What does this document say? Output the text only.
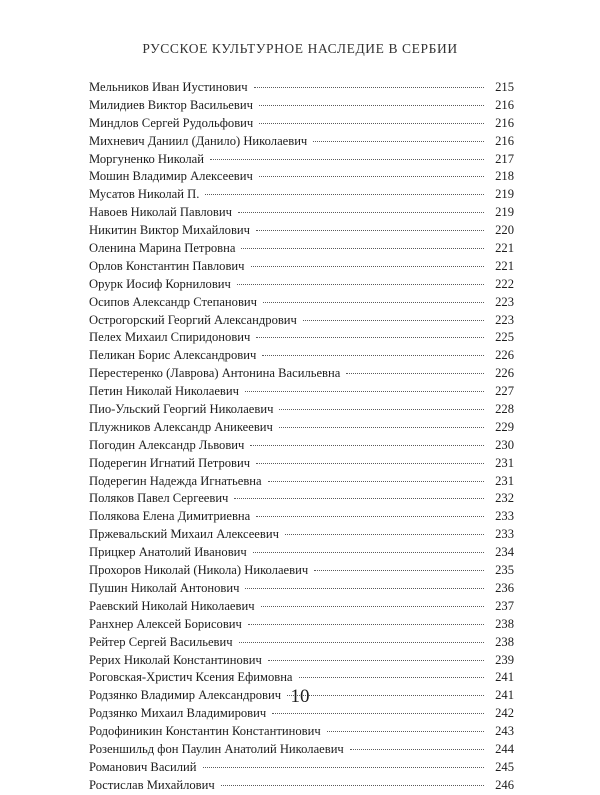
РУССКОЕ КУЛЬТУРНОЕ НАСЛЕДИЕ В СЕРБИИ
Мельников Иван Иустинович	215
Милидиев Виктор Васильевич	216
Миндлов Сергей Рудольфович	216
Михневич Даниил (Данило) Николаевич	216
Моргуненко Николай	217
Мошин Владимир Алексеевич	218
Мусатов Николай П.	219
Навоев Николай Павлович	219
Никитин Виктор Михайлович	220
Оленина Марина Петровна	221
Орлов Константин Павлович	221
Орурк Иосиф Корнилович	222
Осипов Александр Степанович	223
Острогорский Георгий Александрович	223
Пелех Михаил Спиридонович	225
Пеликан Борис Александрович	226
Перестеренко (Лаврова) Антонина Васильевна	226
Петин Николай Николаевич	227
Пио-Ульский Георгий Николаевич	228
Плужников Александр Аникеевич	229
Погодин Александр Львович	230
Подерегин Игнатий Петрович	231
Подерегин Надежда Игнатьевна	231
Поляков Павел Сергеевич	232
Полякова Елена Димитриевна	233
Пржевальский Михаил Алексеевич	233
Прицкер Анатолий Иванович	234
Прохоров Николай (Никола) Николаевич	235
Пушин Николай Антонович	236
Раевский Николай Николаевич	237
Ранхнер Алексей Борисович	238
Рейтер Сергей Васильевич	238
Рерих Николай Константинович	239
Роговская-Христич Ксения Ефимовна	241
Родзянко Владимир Александрович	241
Родзянко Михаил Владимирович	242
Родофиникин Константин Константинович	243
Розеншильд фон Паулин Анатолий Николаевич	244
Романович Василий	245
Ростислав Михайлович	246
10
